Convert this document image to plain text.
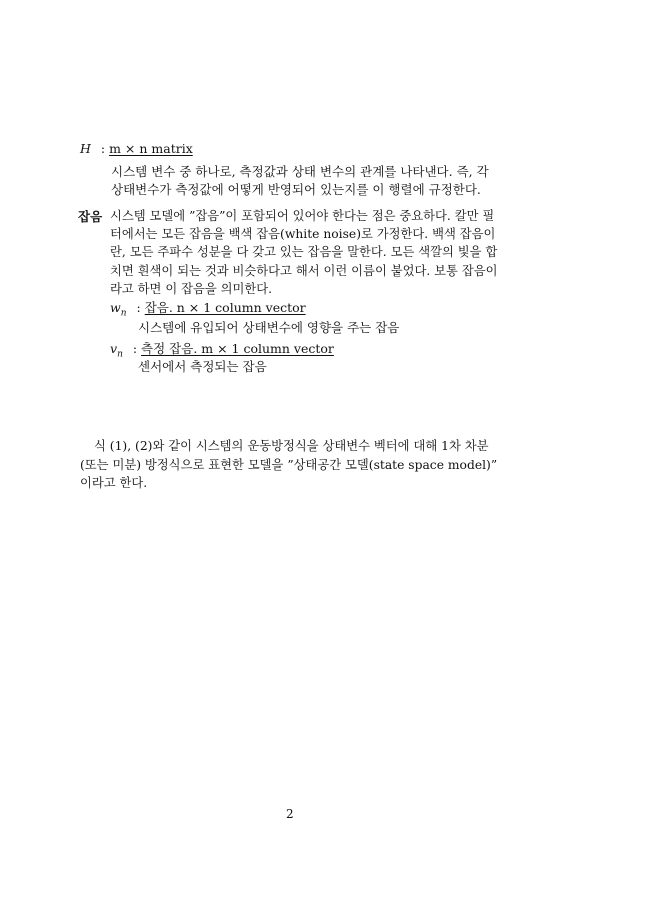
H : m × n matrix
시스템 변수 중 하나로, 측정값과 상태 변수의 관계를 나타낸다. 즉, 각 상태변수가 측정값에 어떻게 반영되어 있는지를 이 행렬에 규정한다.
잡음 시스템 모델에 ”잡음”이 포함되어 있어야 한다는 점은 중요하다. 칼만 필터에서는 모든 잡음을 백색 잡음(white noise)로 가정한다. 백색 잡음이란, 모든 주파수 성분을 다 갖고 있는 잡음을 말한다. 모든 색깔의 빛을 합치면 흰색이 되는 것과 비슷하다고 해서 이런 이름이 붙었다. 보통 잡음이라고 하면 이 잡음을 의미한다.
$w_n$ : 잡음. n × 1 column vector
시스템에 유입되어 상태변수에 영향을 주는 잡음
$v_n$ : 측정 잡음. m × 1 column vector
센서에서 측정되는 잡음
식 (1), (2)와 같이 시스템의 운동방정식을 상태변수 벡터에 대해 1차 차분 (또는 미분) 방정식으로 표현한 모델을 ”상태공간 모델(state space model)” 이라고 한다.
2
